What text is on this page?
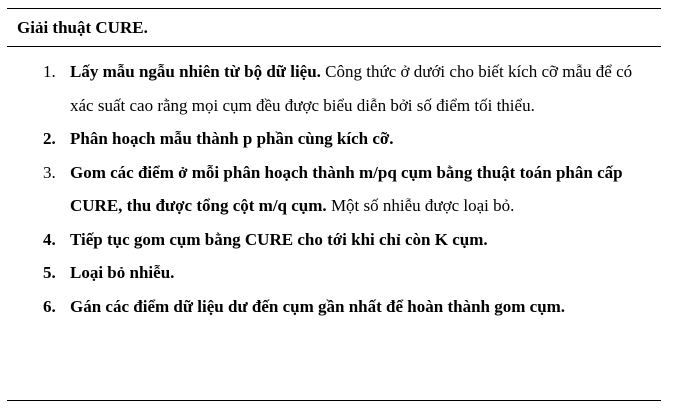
Giải thuật CURE.
1. Lấy mẫu ngẫu nhiên từ bộ dữ liệu. Công thức ở dưới cho biết kích cỡ mẫu để có xác suất cao rằng mọi cụm đều được biểu diễn bởi số điểm tối thiểu.
2. Phân hoạch mẫu thành p phần cùng kích cỡ.
3. Gom các điểm ở mỗi phân hoạch thành m/pq cụm bằng thuật toán phân cấp CURE, thu được tổng cột m/q cụm. Một số nhiễu được loại bỏ.
4. Tiếp tục gom cụm bằng CURE cho tới khi chỉ còn K cụm.
5. Loại bỏ nhiễu.
6. Gán các điểm dữ liệu dư đến cụm gần nhất để hoàn thành gom cụm.
